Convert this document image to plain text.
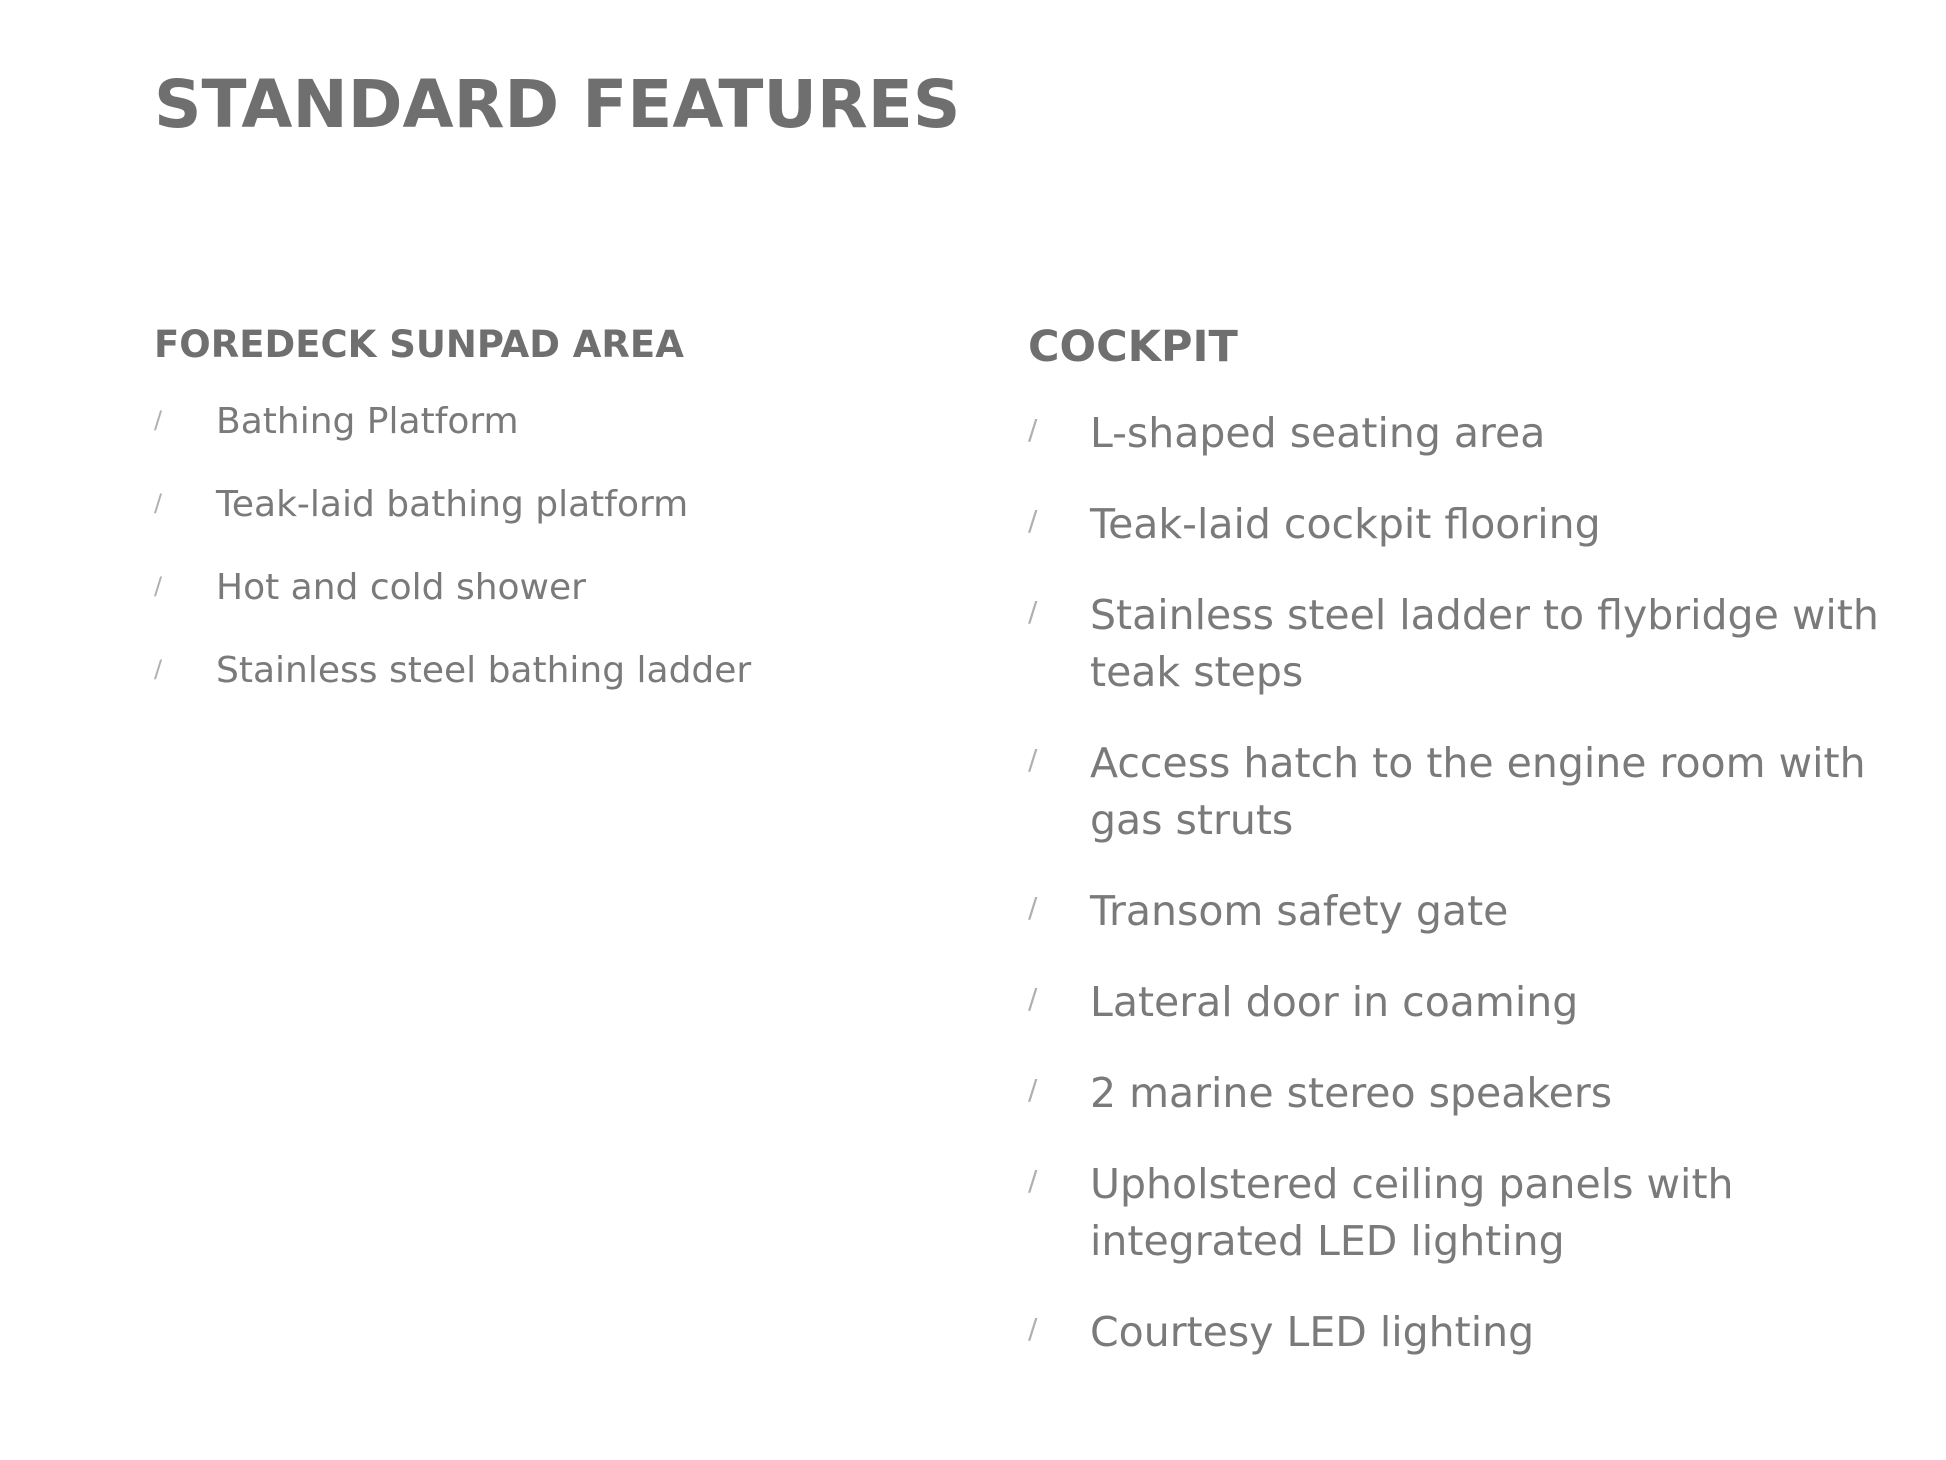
STANDARD FEATURES
FOREDECK SUNPAD AREA
/ Bathing Platform
/ Teak-laid bathing platform
/ Hot and cold shower
/ Stainless steel bathing ladder
COCKPIT
/ L-shaped seating area
/ Teak-laid cockpit flooring
/ Stainless steel ladder to flybridge with teak steps
/ Access hatch to the engine room with gas struts
/ Transom safety gate
/ Lateral door in coaming
/ 2 marine stereo speakers
/ Upholstered ceiling panels with integrated LED lighting
/ Courtesy LED lighting
